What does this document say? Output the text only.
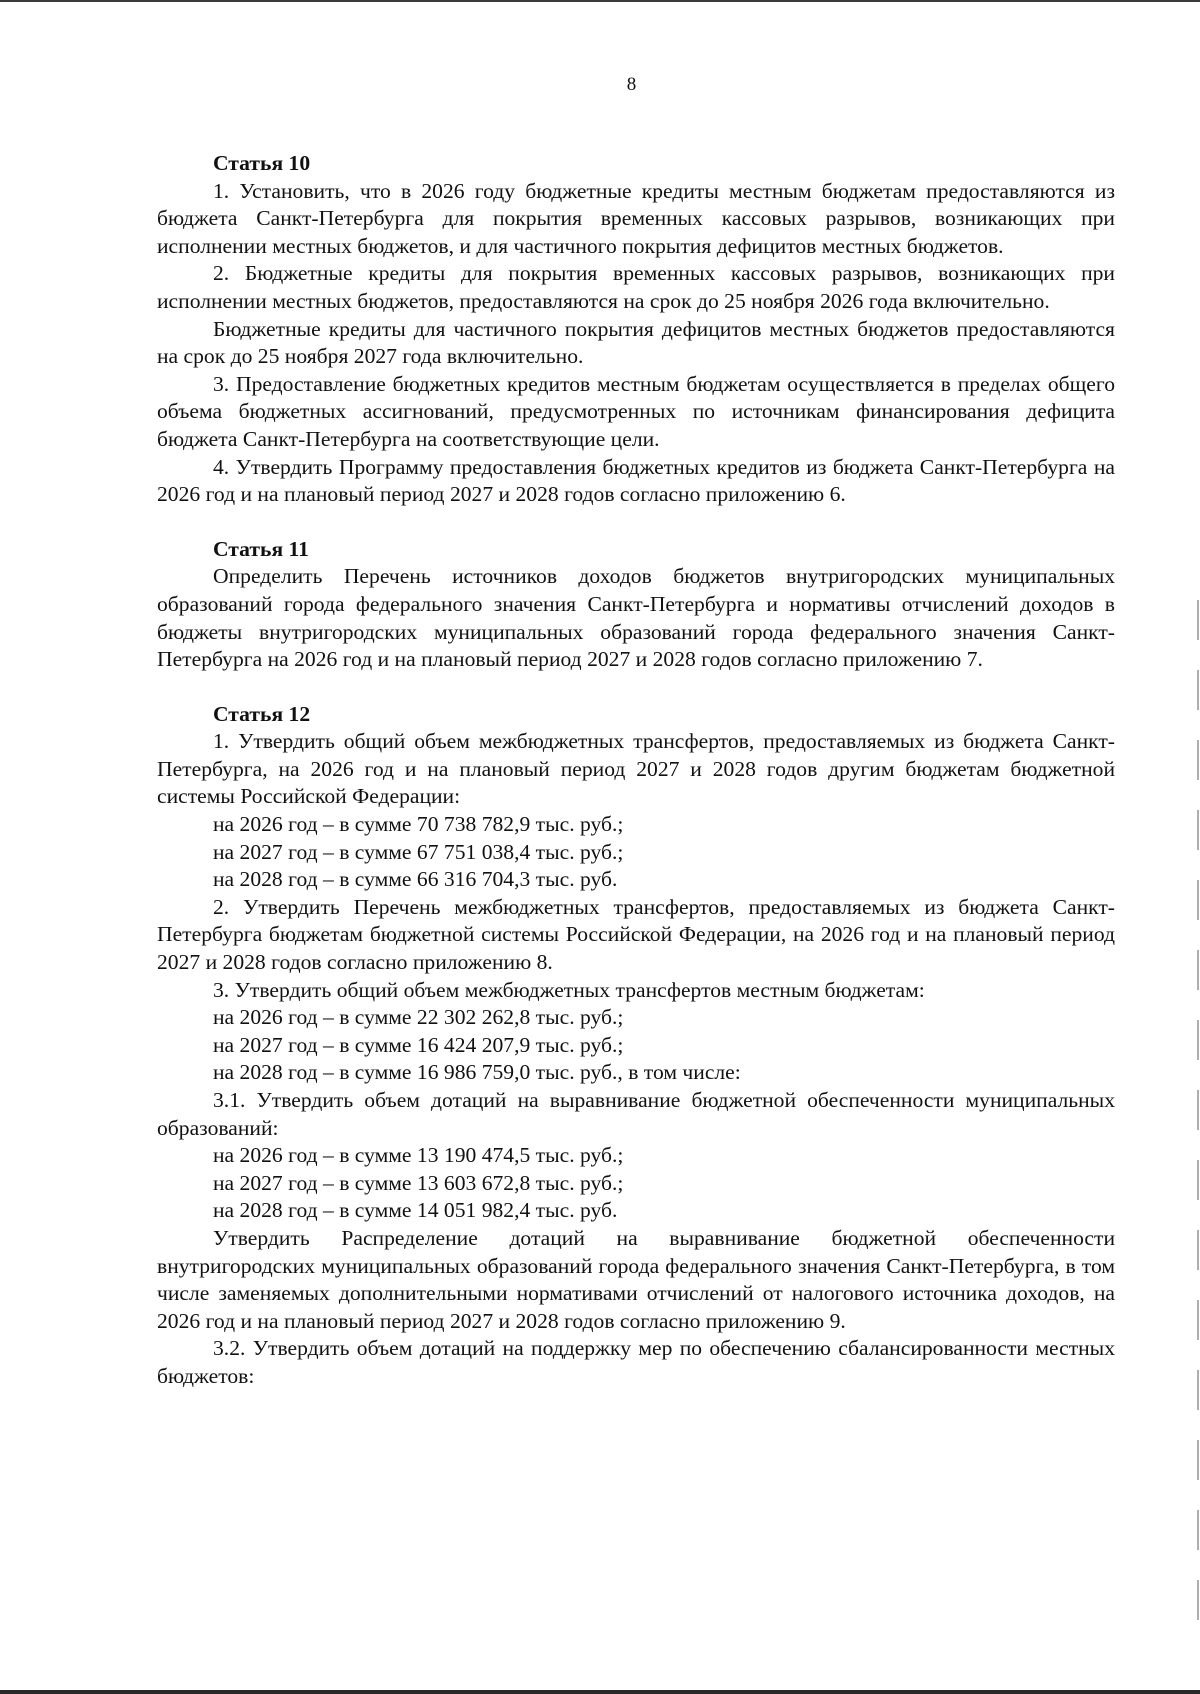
8
Статья 10

1. Установить, что в 2026 году бюджетные кредиты местным бюджетам предоставляются из бюджета Санкт-Петербурга для покрытия временных кассовых разрывов, возникающих при исполнении местных бюджетов, и для частичного покрытия дефицитов местных бюджетов.

2. Бюджетные кредиты для покрытия временных кассовых разрывов, возникающих при исполнении местных бюджетов, предоставляются на срок до 25 ноября 2026 года включительно.

Бюджетные кредиты для частичного покрытия дефицитов местных бюджетов предоставляются на срок до 25 ноября 2027 года включительно.

3. Предоставление бюджетных кредитов местным бюджетам осуществляется в пределах общего объема бюджетных ассигнований, предусмотренных по источникам финансирования дефицита бюджета Санкт-Петербурга на соответствующие цели.

4. Утвердить Программу предоставления бюджетных кредитов из бюджета Санкт-Петербурга на 2026 год и на плановый период 2027 и 2028 годов согласно приложению 6.

Статья 11

Определить Перечень источников доходов бюджетов внутригородских муниципальных образований города федерального значения Санкт-Петербурга и нормативы отчислений доходов в бюджеты внутригородских муниципальных образований города федерального значения Санкт-Петербурга на 2026 год и на плановый период 2027 и 2028 годов согласно приложению 7.

Статья 12

1. Утвердить общий объем межбюджетных трансфертов, предоставляемых из бюджета Санкт-Петербурга, на 2026 год и на плановый период 2027 и 2028 годов другим бюджетам бюджетной системы Российской Федерации:

на 2026 год – в сумме 70 738 782,9 тыс. руб.;

на 2027 год – в сумме 67 751 038,4 тыс. руб.;

на 2028 год – в сумме 66 316 704,3 тыс. руб.

2. Утвердить Перечень межбюджетных трансфертов, предоставляемых из бюджета Санкт-Петербурга бюджетам бюджетной системы Российской Федерации, на 2026 год и на плановый период 2027 и 2028 годов согласно приложению 8.

3. Утвердить общий объем межбюджетных трансфертов местным бюджетам:

на 2026 год – в сумме 22 302 262,8 тыс. руб.;

на 2027 год – в сумме 16 424 207,9 тыс. руб.;

на 2028 год – в сумме 16 986 759,0 тыс. руб., в том числе:

3.1. Утвердить объем дотаций на выравнивание бюджетной обеспеченности муниципальных образований:

на 2026 год – в сумме 13 190 474,5 тыс. руб.;

на 2027 год – в сумме 13 603 672,8 тыс. руб.;

на 2028 год – в сумме 14 051 982,4 тыс. руб.

Утвердить Распределение дотаций на выравнивание бюджетной обеспеченности внутригородских муниципальных образований города федерального значения Санкт-Петербурга, в том числе заменяемых дополнительными нормативами отчислений от налогового источника доходов, на 2026 год и на плановый период 2027 и 2028 годов согласно приложению 9.

3.2. Утвердить объем дотаций на поддержку мер по обеспечению сбалансированности местных бюджетов:
